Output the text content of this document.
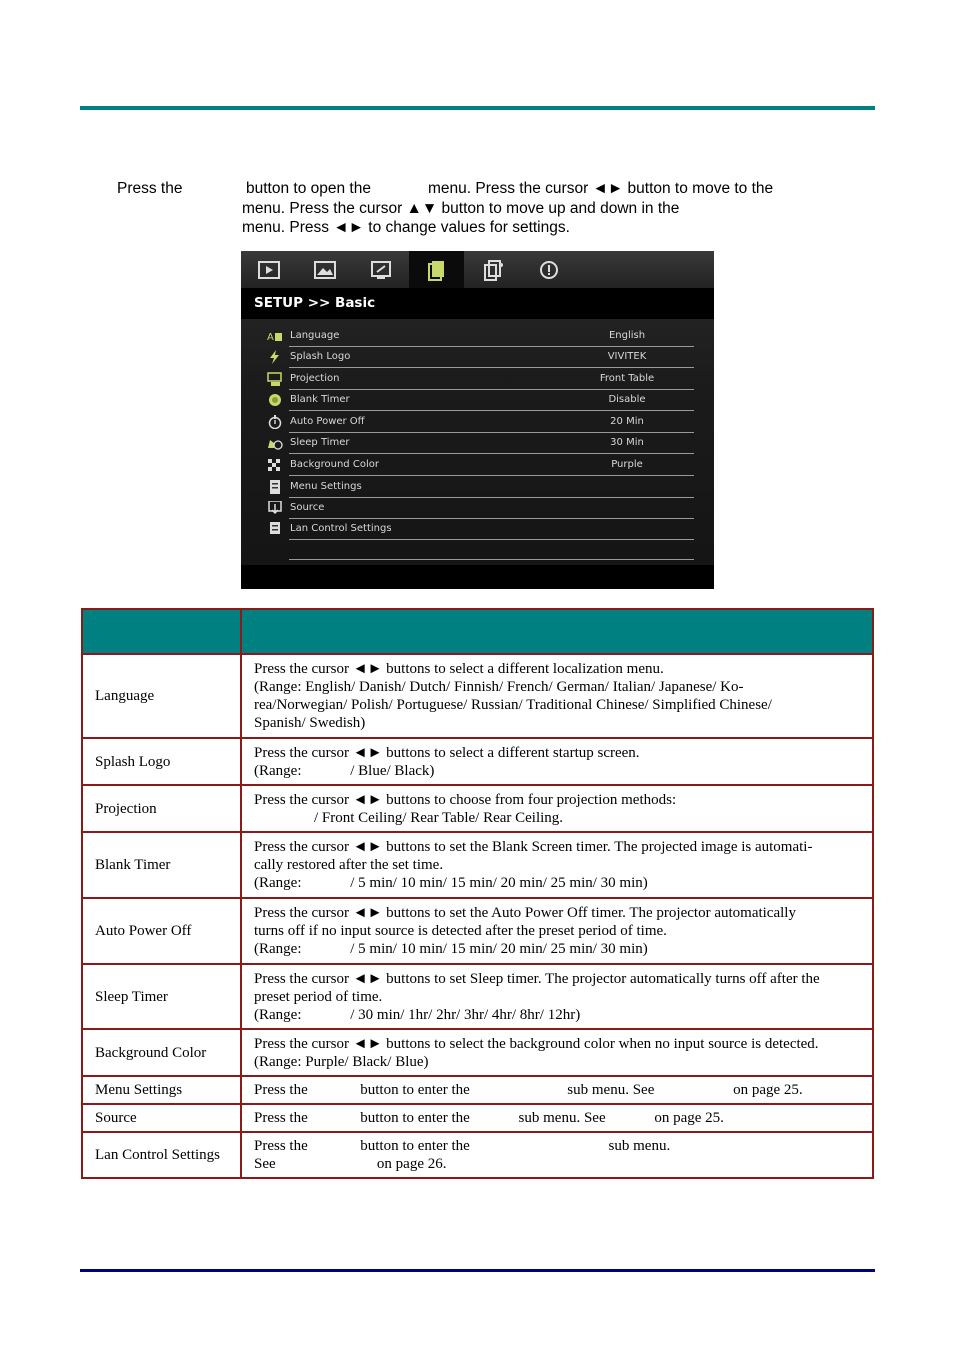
Press the	button to open the	menu. Press the cursor ◄► button to move to the
menu. Press the cursor ▲▼ button to move up and down in the
menu. Press ◄► to change values for settings.
SETUP >> Basic
A Language	English
Splash Logo	VIVITEK
Projection	Front Table
Blank Timer	Disable
Auto Power Off	20 Min
Sleep Timer	30 Min
Background Color	Purple
Menu Settings
Source
Lan Control Settings

Language	Press the cursor ◄► buttons to select a different localization menu.
(Range: English/ Danish/ Dutch/ Finnish/ French/ German/ Italian/ Japanese/ Ko-
rea/Norwegian/ Polish/ Portuguese/ Russian/ Traditional Chinese/ Simplified Chinese/
Spanish/ Swedish)

Splash Logo	Press the cursor ◄► buttons to select a different startup screen.
(Range:             / Blue/ Black)

Projection	Press the cursor ◄► buttons to choose from four projection methods:
/ Front Ceiling/ Rear Table/ Rear Ceiling.

Blank Timer	Press the cursor ◄► buttons to set the Blank Screen timer. The projected image is automati-
cally restored after the set time.
(Range:             / 5 min/ 10 min/ 15 min/ 20 min/ 25 min/ 30 min)

Auto Power Off	Press the cursor ◄► buttons to set the Auto Power Off timer. The projector automatically
turns off if no input source is detected after the preset period of time.
(Range:             / 5 min/ 10 min/ 15 min/ 20 min/ 25 min/ 30 min)

Sleep Timer	Press the cursor ◄► buttons to set Sleep timer. The projector automatically turns off after the
preset period of time.
(Range:             / 30 min/ 1hr/ 2hr/ 3hr/ 4hr/ 8hr/ 12hr)

Background Color	Press the cursor ◄► buttons to select the background color when no input source is detected.
(Range: Purple/ Black/ Blue)

Menu Settings	Press the              button to enter the                          sub menu. See                     on page 25.

Source	Press the              button to enter the             sub menu. See             on page 25.

Lan Control Settings	Press the              button to enter the                                     sub menu.
See                           on page 26.
